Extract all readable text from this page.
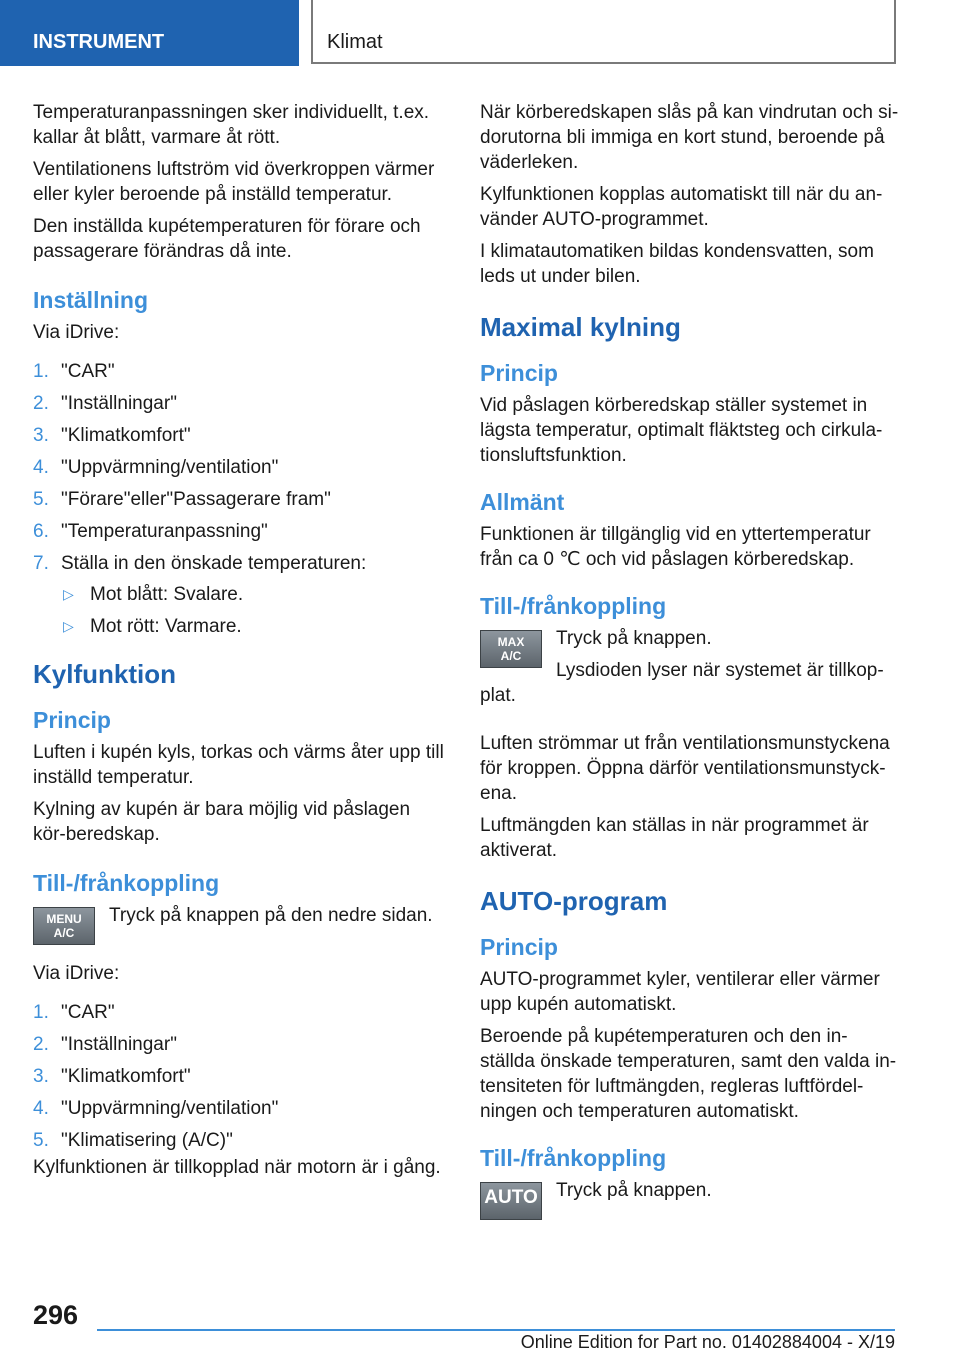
INSTRUMENT	Klimat

Temperaturanpassningen sker individuellt, t.ex. kallar åt blått, varmare åt rött.

Ventilationens luftström vid överkroppen värmer eller kyler beroende på inställd temperatur.

Den inställda kupétemperaturen för förare och passagerare förändras då inte.

Inställning

Via iDrive:

1. "CAR"
2. "Inställningar"
3. "Klimatkomfort"
4. "Uppvärmning/ventilation"
5. "Förare"eller"Passagerare fram"
6. "Temperaturanpassning"
7. Ställa in den önskade temperaturen:
▷ Mot blått: Svalare.
▷ Mot rött: Varmare.
Kylfunktion
Princip

Luften i kupén kyls, torkas och värms åter upp till inställd temperatur.

Kylning av kupén är bara möjlig vid påslagen kör-beredskap.

Till-/frånkoppling
MENU
A/C
Tryck på knappen på den nedre sidan.

Via iDrive:

1. "CAR"
2. "Inställningar"
3. "Klimatkomfort"
4. "Uppvärmning/ventilation"
5. "Klimatisering (A/C)"

Kylfunktionen är tillkopplad när motorn är i gång.

När körberedskapen slås på kan vindrutan och si-dorutorna bli immiga en kort stund, beroende på väderleken.

Kylfunktionen kopplas automatiskt till när du an-vänder AUTO-programmet.

I klimatautomatiken bildas kondensvatten, som leds ut under bilen.

Maximal kylning
Princip

Vid påslagen körberedskap ställer systemet in lägsta temperatur, optimalt fläktsteg och cirkula-tionsluftsfunktion.

Allmänt

Funktionen är tillgänglig vid en yttertemperatur från ca 0 ℃ och vid påslagen körberedskap.

Till-/frånkoppling
MAX
A/C

Tryck på knappen.

Lysdioden lyser när systemet är tillkop-plat.

Luften strömmar ut från ventilationsmunstyckena för kroppen. Öppna därför ventilationsmunstyck-ena.

Luftmängden kan ställas in när programmet är aktiverat.

AUTO-program
Princip

AUTO-programmet kyler, ventilerar eller värmer upp kupén automatiskt.

Beroende på kupétemperaturen och den in-ställda önskade temperaturen, samt den valda in-tensiteten för luftmängden, regleras luftfördel-ningen och temperaturen automatiskt.

Till-/frånkoppling
AUTO Tryck på knappen.
296
Online Edition for Part no. 01402884004 - X/19
